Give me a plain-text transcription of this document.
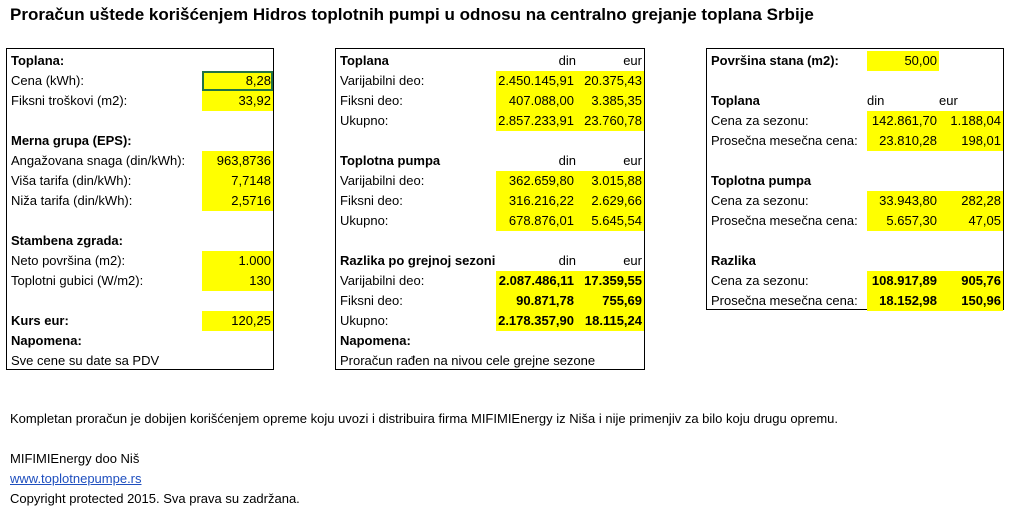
Proračun uštede korišćenjem Hidros toplotnih pumpi u odnosu na centralno grejanje toplana Srbije
Toplana:
Cena (kWh):	8,28
Fiksni troškovi (m2):	33,92
Merna grupa (EPS):
Angažovana snaga (din/kWh):	963,8736
Viša tarifa (din/kWh):	7,7148
Niža tarifa (din/kWh):	2,5716
Stambena zgrada:
Neto površina (m2):	1.000
Toplotni gubici (W/m2):	130
Kurs eur:	120,25
Napomena:
Sve cene su date sa PDV
Toplana	din	eur
Varijabilni deo:	2.450.145,91 20.375,43
Fiksni deo:	407.088,00	3.385,35
Ukupno:	2.857.233,91 23.760,78
Toplotna pumpa	din	eur
Varijabilni deo:	362.659,80	3.015,88
Fiksni deo:	316.216,22	2.629,66
Ukupno:	678.876,01	5.645,54
Razlika po grejnoj sezoni	din	eur
Varijabilni deo:	2.087.486,11 17.359,55
Fiksni deo:	90.871,78	755,69
Ukupno:	2.178.357,90 18.115,24
Napomena:
Proračun rađen na nivou cele grejne sezone
Površina stana (m2):	50,00
Toplana	din	eur
Cena za sezonu:	142.861,70	1.188,04
Prosečna mesečna cena:	23.810,28	198,01
Toplotna pumpa
Cena za sezonu:	33.943,80	282,28
Prosečna mesečna cena:	5.657,30	47,05
Razlika
Cena za sezonu:	108.917,89	905,76
Prosečna mesečna cena:	18.152,98	150,96
Kompletan proračun je dobijen korišćenjem opreme koju uvozi i distribuira firma MIFIMIEnergy iz Niša i nije primenjiv za bilo koju drugu opremu.
MIFIMIEnergy doo Niš
www.toplotnepumpe.rs
Copyright protected 2015. Sva prava su zadržana.
